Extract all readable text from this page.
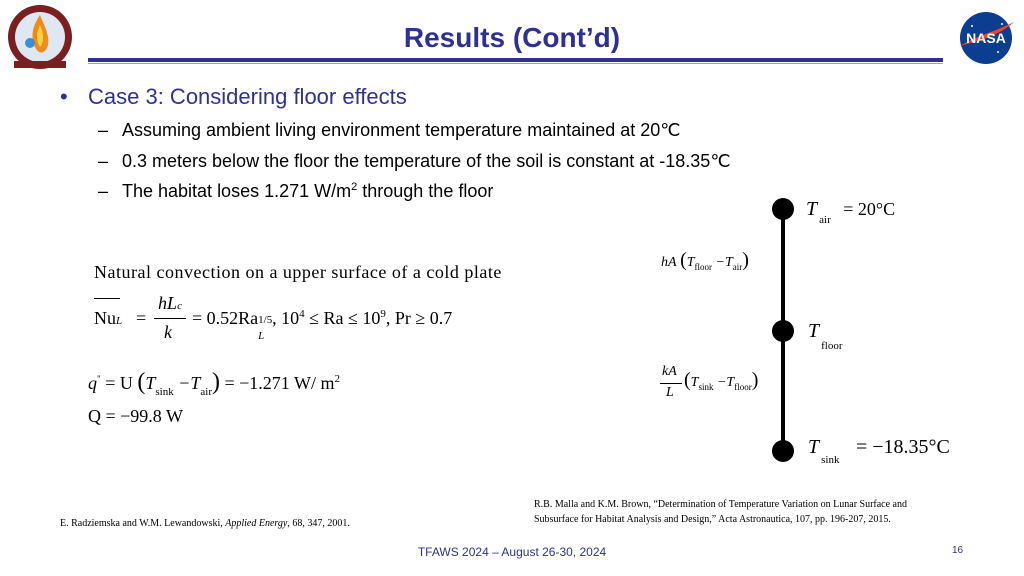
Results (Cont’d)	NASA
• Case 3: Considering floor effects
– Assuming ambient living environment temperature maintained at 20℃
– 0.3 meters below the floor the temperature of the soil is constant at -18.35℃
– The habitat loses 1.271 $W/m^2$ through the floor
Natural convection on a upper surface of a cold plate
NuL =
hLc
k
= 0.52Ra 1/5
L
, $10^4 \le Ra \le 10^9$, Pr ≥ 0.7
q" = U $(T_{sink} -T_{air}) = -1.271$ W/ $m^2$
Q = −99.8 W
T $_{air}$ = 20°C
$T_{floor}$
$T_{sink} = -18.35^\circ C$
hA $(T_{floor} -T_{air})$
kA
L
$(T_{sink} -T_{floor})$
E. Radziemska and W.M. Lewandowski, Applied Energy, 68, 347, 2001.
R.B. Malla and K.M. Brown, “Determination of Temperature Variation on Lunar Surface and
Subsurface for Habitat Analysis and Design,” Acta Astronautica, 107, pp. 196-207, 2015.
TFAWS 2024 – August 26-30, 2024	16
